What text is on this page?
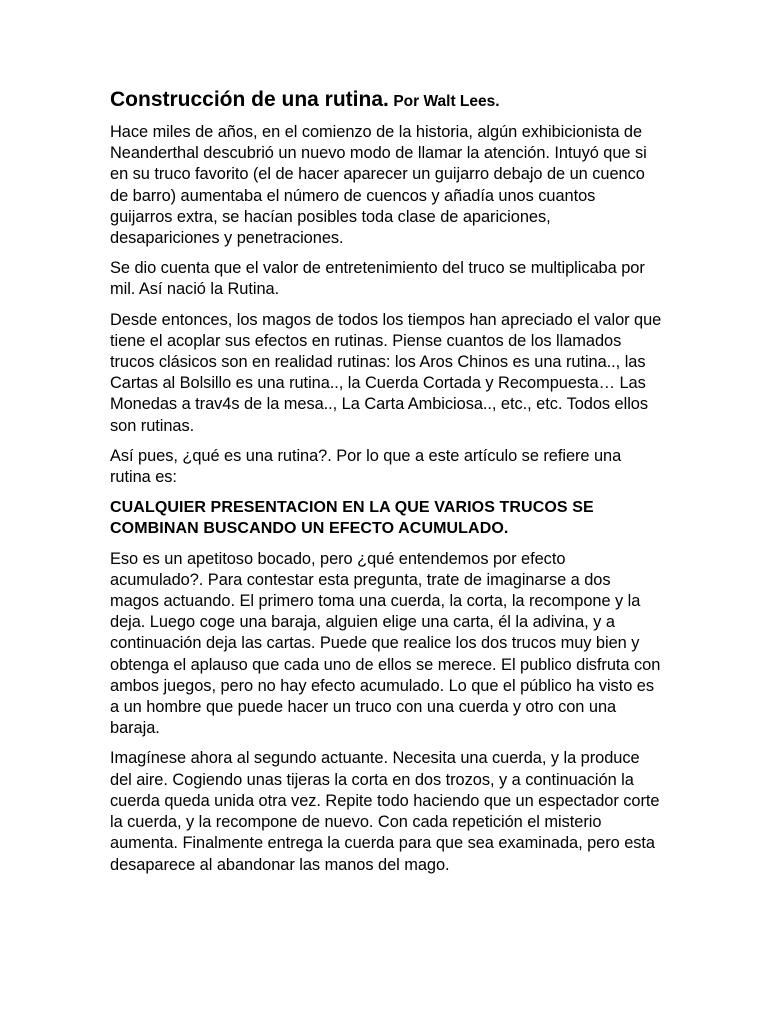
Construcción de una rutina. Por Walt Lees.

Hace miles de años, en el comienzo de la historia, algún exhibicionista de Neanderthal descubrió un nuevo modo de llamar la atención. Intuyó que si en su truco favorito (el de hacer aparecer un guijarro debajo de un cuenco de barro) aumentaba el número de cuencos y añadía unos cuantos guijarros extra, se hacían posibles toda clase de apariciones, desapariciones y penetraciones.

Se dio cuenta que el valor de entretenimiento del truco se multiplicaba por mil. Así nació la Rutina.

Desde entonces, los magos de todos los tiempos han apreciado el valor que tiene el acoplar sus efectos en rutinas. Piense cuantos de los llamados trucos clásicos son en realidad rutinas: los Aros Chinos es una rutina.., las Cartas al Bolsillo es una rutina.., la Cuerda Cortada y Recompuesta… Las Monedas a trav4s de la mesa.., La Carta Ambiciosa.., etc., etc. Todos ellos son rutinas.

Así pues, ¿qué es una rutina?. Por lo que a este artículo se refiere una rutina es:

CUALQUIER PRESENTACION EN LA QUE VARIOS TRUCOS SE COMBINAN BUSCANDO UN EFECTO ACUMULADO.

Eso es un apetitoso bocado, pero ¿qué entendemos por efecto acumulado?. Para contestar esta pregunta, trate de imaginarse a dos magos actuando. El primero toma una cuerda, la corta, la recompone y la deja. Luego coge una baraja, alguien elige una carta, él la adivina, y a continuación deja las cartas. Puede que realice los dos trucos muy bien y obtenga el aplauso que cada uno de ellos se merece. El publico disfruta con ambos juegos, pero no hay efecto acumulado. Lo que el público ha visto es a un hombre que puede hacer un truco con una cuerda y otro con una baraja.

Imagínese ahora al segundo actuante. Necesita una cuerda, y la produce del aire. Cogiendo unas tijeras la corta en dos trozos, y a continuación la cuerda queda unida otra vez. Repite todo haciendo que un espectador corte la cuerda, y la recompone de nuevo. Con cada repetición el misterio aumenta. Finalmente entrega la cuerda para que sea examinada, pero esta desaparece al abandonar las manos del mago.
